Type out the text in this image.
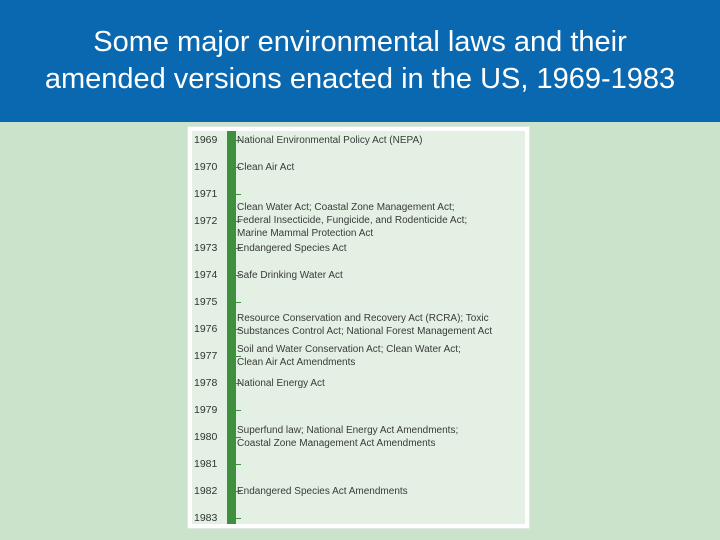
Some major environmental laws and their
amended versions enacted in the US, 1969-1983
1969
1970
1971
1972
1973
1974
1975
1976
1977
1978
1979
1980
1981
1982
1983
National Environmental Policy Act (NEPA)
Clean Air Act
Clean Water Act; Coastal Zone Management Act;
Federal Insecticide, Fungicide, and Rodenticide Act;
Marine Mammal Protection Act
Endangered Species Act
Safe Drinking Water Act
Resource Conservation and Recovery Act (RCRA); Toxic
Substances Control Act; National Forest Management Act
Soil and Water Conservation Act; Clean Water Act;
Clean Air Act Amendments
National Energy Act
Superfund law; National Energy Act Amendments;
Coastal Zone Management Act Amendments
Endangered Species Act Amendments
